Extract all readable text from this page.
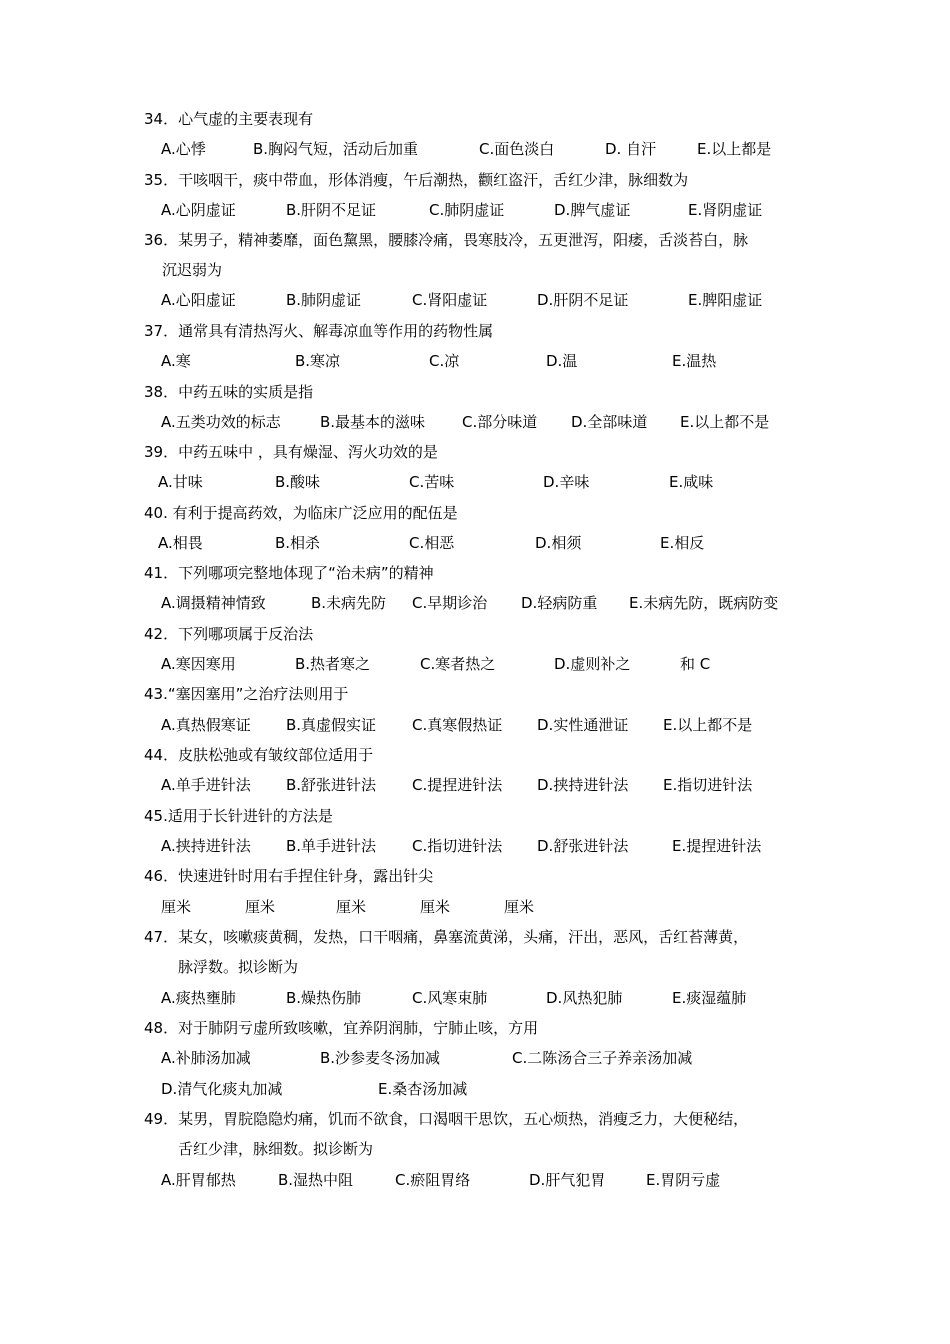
34．心气虚的主要表现有
A.心悸	B.胸闷气短，活动后加重	C.面色淡白	D. 自汗	E.以上都是
35．干咳咽干，痰中带血，形体消瘦，午后潮热，颧红盗汗，舌红少津，脉细数为
A.心阴虚证	B.肝阴不足证	C.肺阴虚证	D.脾气虚证	E.肾阴虚证
36．某男子，精神萎靡，面色黧黑，腰膝冷痛，畏寒肢冷，五更泄泻，阳痿，舌淡苔白，脉
沉迟弱为
A.心阳虚证	B.肺阴虚证	C.肾阳虚证	D.肝阴不足证	E.脾阳虚证
37．通常具有清热泻火、解毒凉血等作用的药物性属
A.寒	B.寒凉	C.凉	D.温	E.温热
38．中药五味的实质是指
A.五类功效的标志	B.最基本的滋味 C.部分味道 D.全部味道 E.以上都不是
39．中药五味中 ，具有燥湿、泻火功效的是
A.甘味	B.酸味	C.苦味	D.辛味	E.咸味
40. 有利于提高药效，为临床广泛应用的配伍是
A.相畏	B.相杀	C.相恶	D.相须	E.相反
41．下列哪项完整地体现了“治未病”的精神
A.调摄精神情致	B.未病先防 C.早期诊治 D.轻病防重 E.未病先防，既病防变
42．下列哪项属于反治法
A.寒因寒用	B.热者寒之	C.寒者热之	D.虚则补之	和 C
43.“塞因塞用”之治疗法则用于
A.真热假寒证 B.真虚假实证 C.真寒假热证 D.实性通泄证 E.以上都不是
44．皮肤松弛或有皱纹部位适用于
A.单手进针法 B.舒张进针法 C.提捏进针法 D.挟持进针法 E.指切进针法
45.适用于长针进针的方法是
A.挟持进针法 B.单手进针法 C.指切进针法 D.舒张进针法	E.提捏进针法
46．快速进针时用右手捏住针身，露出针尖
厘米	厘米	厘米	厘米	厘米
47．某女，咳嗽痰黄稠，发热，口干咽痛，鼻塞流黄涕，头痛，汗出，恶风，舌红苔薄黄，
脉浮数。拟诊断为
A.痰热壅肺	B.燥热伤肺	C.风寒束肺	D.风热犯肺	E.痰湿蕴肺
48．对于肺阴亏虚所致咳嗽，宜养阴润肺，宁肺止咳，方用
A.补肺汤加减	B.沙参麦冬汤加减	C.二陈汤合三子养亲汤加减
D.清气化痰丸加减	E.桑杏汤加减
49．某男，胃脘隐隐灼痛，饥而不欲食，口渴咽干思饮，五心烦热，消瘦乏力，大便秘结，
舌红少津，脉细数。拟诊断为
A.肝胃郁热	B.湿热中阻	C.瘀阻胃络	D.肝气犯胃	E.胃阴亏虚
